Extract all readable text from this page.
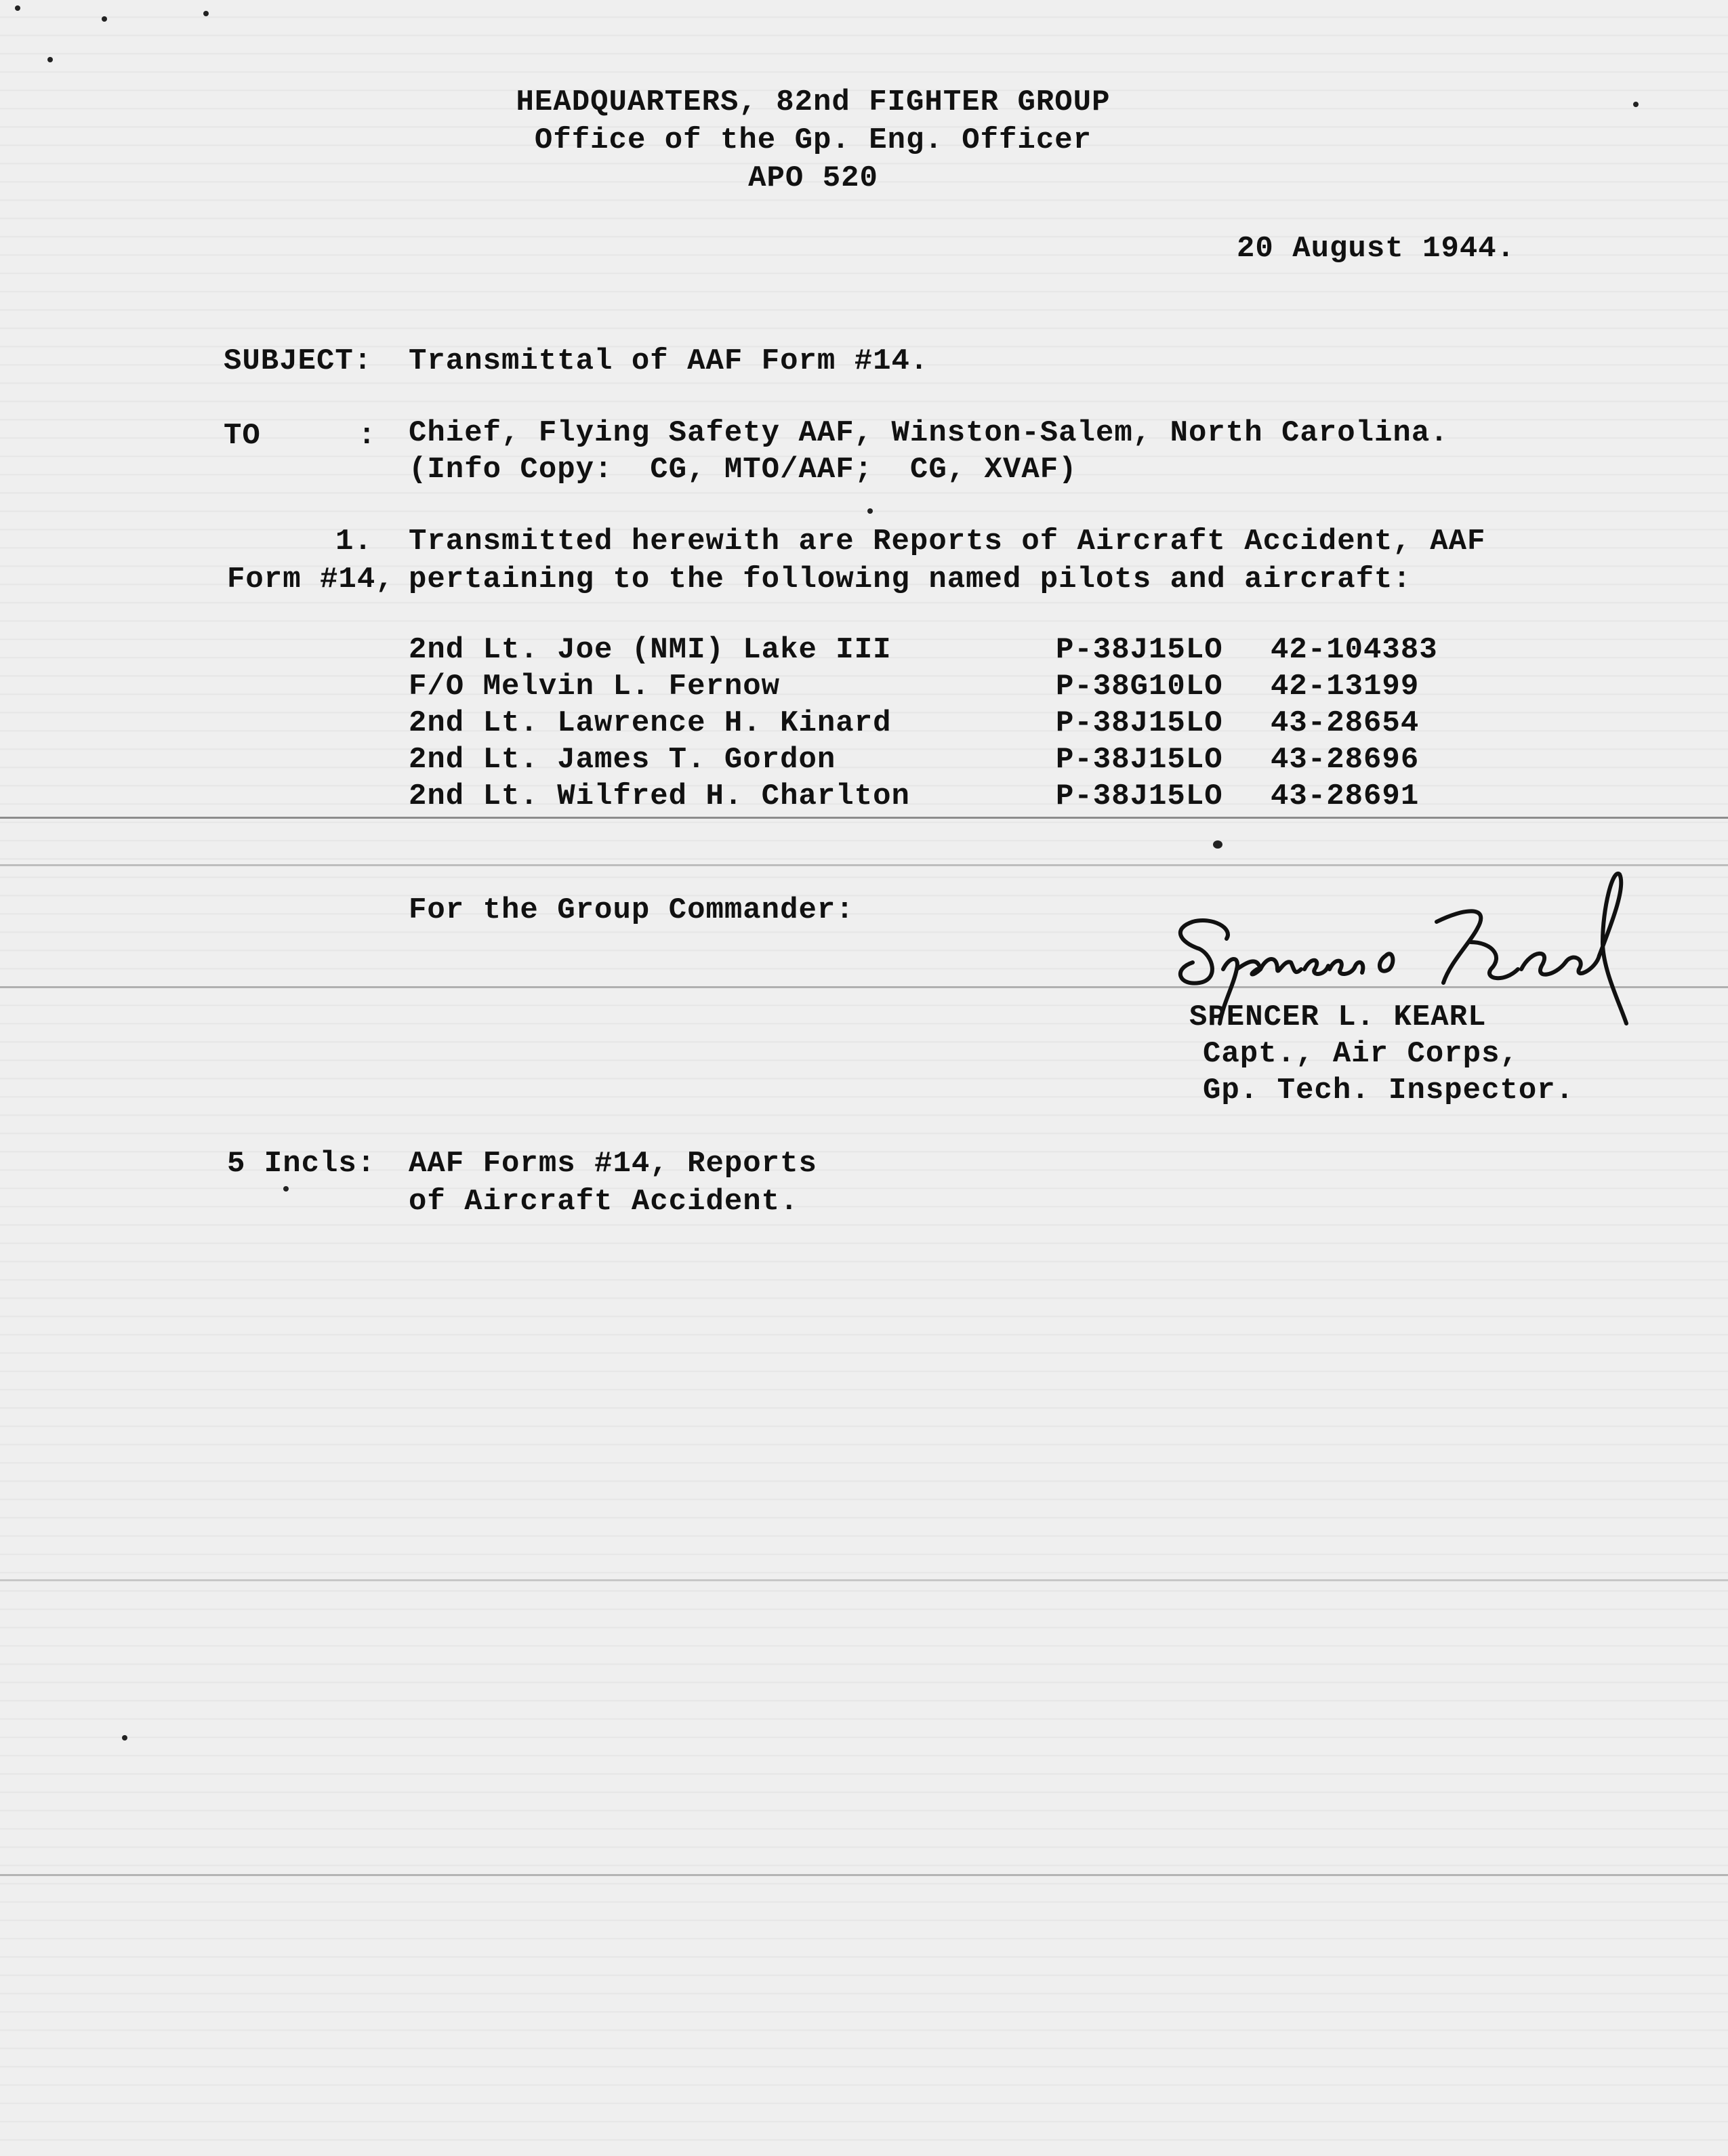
HEADQUARTERS, 82nd FIGHTER GROUP
Office of the Gp. Eng. Officer
APO 520
20 August 1944.
SUBJECT: Transmittal of AAF Form #14.
TO	: Chief, Flying Safety AAF, Winston-Salem, North Carolina.
(Info Copy:  CG, MTO/AAF;  CG, XVAF)
1. Transmitted herewith are Reports of Aircraft Accident, AAF
Form #14, pertaining to the following named pilots and aircraft:
2nd Lt. Joe (NMI) Lake III	P-38J15LO 42-104383
F/O Melvin L. Fernow	P-38G10LO 42-13199
2nd Lt. Lawrence H. Kinard	P-38J15LO 43-28654
2nd Lt. James T. Gordon	P-38J15LO 43-28696
2nd Lt. Wilfred H. Charlton	P-38J15LO 43-28691
For the Group Commander:
SPENCER L. KEARL
Capt., Air Corps,
Gp. Tech. Inspector.
5 Incls: AAF Forms #14, Reports
of Aircraft Accident.
